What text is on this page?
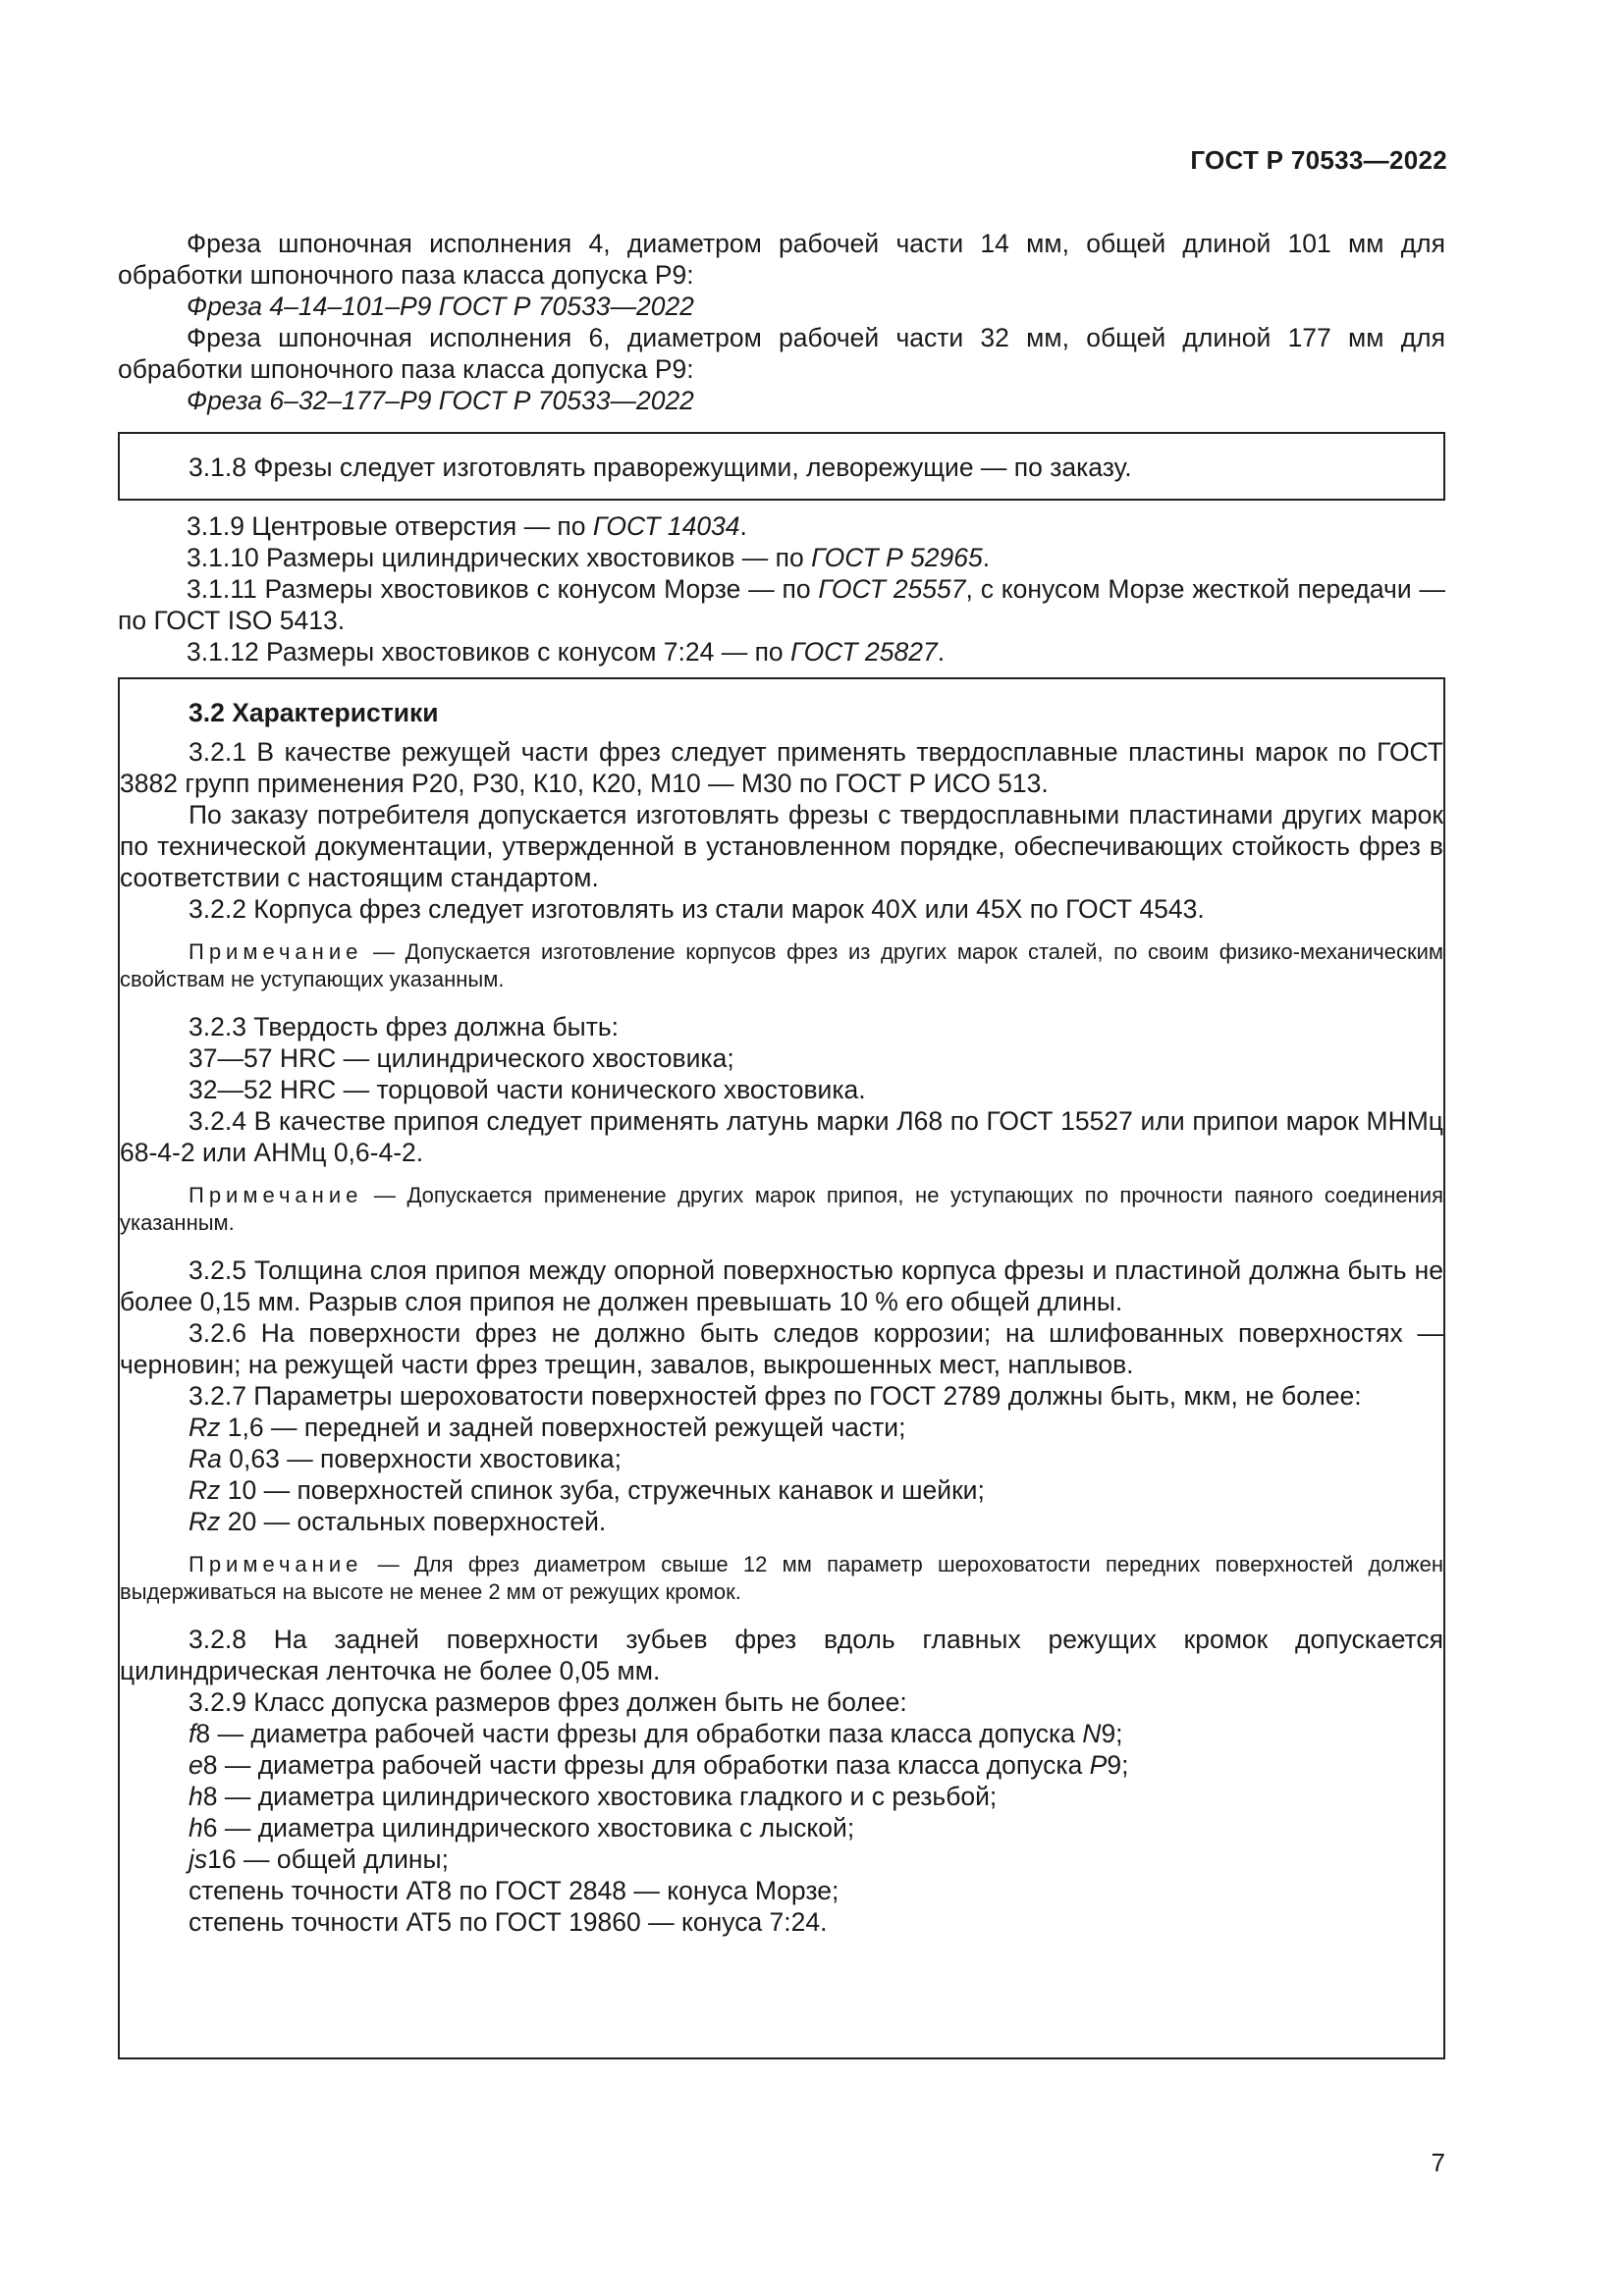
ГОСТ Р 70533—2022

Фреза шпоночная исполнения 4, диаметром рабочей части 14 мм, общей длиной 101 мм для обработки шпоночного паза класса допуска P9:

Фреза 4–14–101–Р9 ГОСТ Р 70533—2022

Фреза шпоночная исполнения 6, диаметром рабочей части 32 мм, общей длиной 177 мм для обработки шпоночного паза класса допуска P9:

Фреза 6–32–177–Р9 ГОСТ Р 70533—2022

3.1.8 Фрезы следует изготовлять праворежущими, леворежущие — по заказу.

3.1.9 Центровые отверстия — по ГОСТ 14034.

3.1.10 Размеры цилиндрических хвостовиков — по ГОСТ Р 52965.

3.1.11 Размеры хвостовиков с конусом Морзе — по ГОСТ 25557, с конусом Морзе жесткой передачи — по ГОСТ ISO 5413.

3.1.12 Размеры хвостовиков с конусом 7:24 — по ГОСТ 25827.

3.2 Характеристики

3.2.1 В качестве режущей части фрез следует применять твердосплавные пластины марок по ГОСТ 3882 групп применения Р20, Р30, К10, К20, М10 — М30 по ГОСТ Р ИСО 513.

По заказу потребителя допускается изготовлять фрезы с твердосплавными пластинами других марок по технической документации, утвержденной в установленном порядке, обеспечивающих стойкость фрез в соответствии с настоящим стандартом.

3.2.2 Корпуса фрез следует изготовлять из стали марок 40Х или 45Х по ГОСТ 4543.

Примечание — Допускается изготовление корпусов фрез из других марок сталей, по своим физико-механическим свойствам не уступающих указанным.

3.2.3 Твердость фрез должна быть:

37—57 HRC — цилиндрического хвостовика;

32—52 HRC — торцовой части конического хвостовика.

3.2.4 В качестве припоя следует применять латунь марки Л68 по ГОСТ 15527 или припои марок МНМц 68-4-2 или АНМц 0,6-4-2.

Примечание — Допускается применение других марок припоя, не уступающих по прочности паяного соединения указанным.

3.2.5 Толщина слоя припоя между опорной поверхностью корпуса фрезы и пластиной должна быть не более 0,15 мм. Разрыв слоя припоя не должен превышать 10 % его общей длины.

3.2.6 На поверхности фрез не должно быть следов коррозии; на шлифованных поверхностях — черновин; на режущей части фрез трещин, завалов, выкрошенных мест, наплывов.

3.2.7 Параметры шероховатости поверхностей фрез по ГОСТ 2789 должны быть, мкм, не более:

Rz 1,6 — передней и задней поверхностей режущей части;

Ra 0,63 — поверхности хвостовика;

Rz 10 — поверхностей спинок зуба, стружечных канавок и шейки;

Rz 20 — остальных поверхностей.

Примечание — Для фрез диаметром свыше 12 мм параметр шероховатости передних поверхностей должен выдерживаться на высоте не менее 2 мм от режущих кромок.

3.2.8 На задней поверхности зубьев фрез вдоль главных режущих кромок допускается цилиндрическая ленточка не более 0,05 мм.

3.2.9 Класс допуска размеров фрез должен быть не более:

f8 — диаметра рабочей части фрезы для обработки паза класса допуска N9;

e8 — диаметра рабочей части фрезы для обработки паза класса допуска P9;

h8 — диаметра цилиндрического хвостовика гладкого и с резьбой;

h6 — диаметра цилиндрического хвостовика с лыской;

js16 — общей длины;

степень точности АТ8 по ГОСТ 2848 — конуса Морзе;

степень точности АТ5 по ГОСТ 19860 — конуса 7:24.

7
